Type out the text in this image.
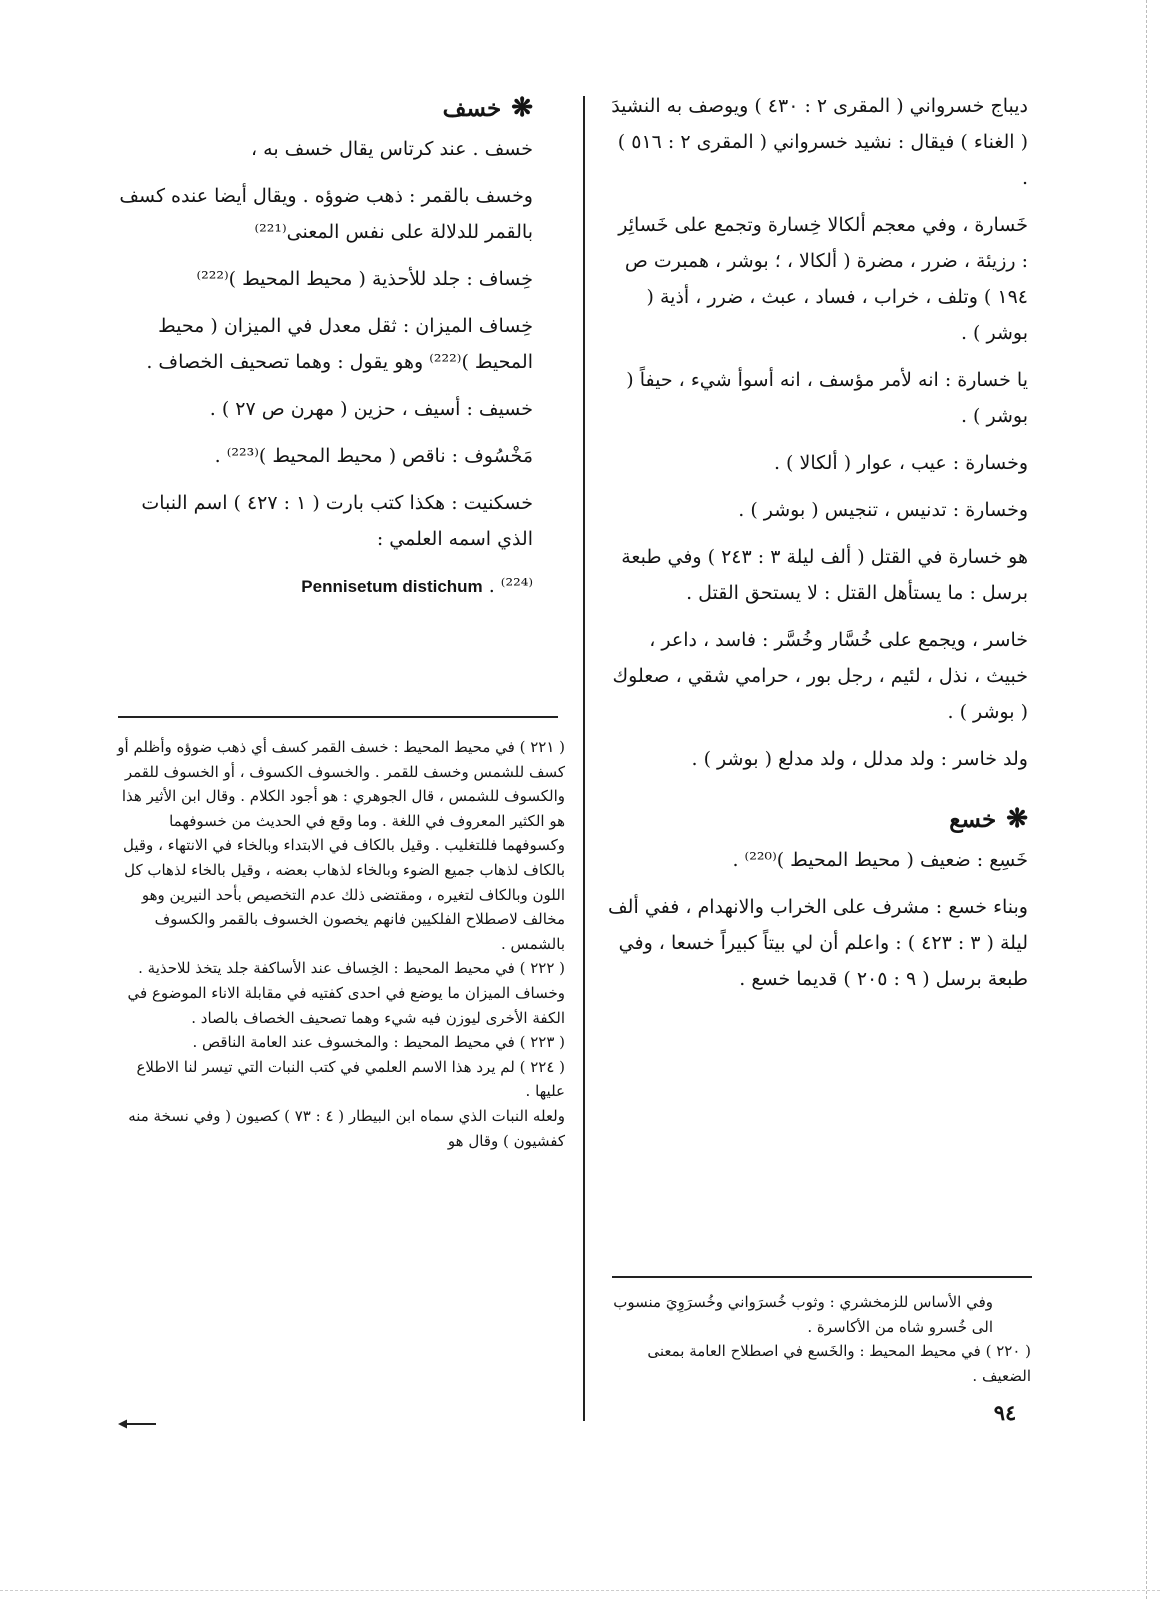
ديباج خسرواني ( المقرى ٢ : ٤٣٠ ) ويوصف به النشيدَ ( الغناء ) فيقال : نشيد خسرواني ( المقرى ٢ : ٥١٦ ) .

خَسارة ، وفي معجم ألكالا خِسارة وتجمع على خَسائِر : رزيئة ، ضرر ، مضرة ( ألكالا ، ؛ بوشر ، همبرت ص ١٩٤ ) وتلف ، خراب ، فساد ، عبث ، ضرر ، أذية ( بوشر ) .

يا خسارة : انه لأمر مؤسف ، انه أسوأ شيء ، حيفاً ( بوشر ) .

وخسارة : عيب ، عوار ( ألكالا ) .

وخسارة : تدنيس ، تنجيس ( بوشر ) .

هو خسارة في القتل ( ألف ليلة ٣ : ٢٤٣ ) وفي طبعة برسل : ما يستأهل القتل : لا يستحق القتل .

خاسر ، ويجمع على خُسَّار وخُسَّر : فاسد ، داعر ، خبيث ، نذل ، لئيم ، رجل بور ، حرامي شقي ، صعلوك ( بوشر ) .

ولد خاسر : ولد مدلل ، ولد مدلع ( بوشر ) .

❋خسع

خَسِع : ضعيف ( محيط المحيط )⁽²²⁰⁾ .

وبناء خسع : مشرف على الخراب والانهدام ، ففي ألف ليلة ( ٣ : ٤٢٣ ) : واعلم أن لي بيتاً كبيراً خسعا ، وفي طبعة برسل ( ٩ : ٢٠٥ ) قديما خسع .

❋خسف

خسف . عند كرتاس يقال خسف به ،

وخسف بالقمر : ذهب ضوؤه . ويقال أيضا عنده كسف بالقمر للدلالة على نفس المعنى⁽²²¹⁾

خِساف : جلد للأحذية ( محيط المحيط )⁽²²²⁾

خِساف الميزان : ثقل معدل في الميزان ( محيط المحيط )⁽²²²⁾ وهو يقول : وهما تصحيف الخصاف .

خسيف : أسيف ، حزين ( مهرن ص ٢٧ ) .

مَخْسُوف : ناقص ( محيط المحيط )⁽²²³⁾ .

خسكنيت : هكذا كتب بارت ( ١ : ٤٢٧ ) اسم النبات الذي اسمه العلمي :

⁽²²⁴⁾ . Pennisetum distichum

( ٢٢١ ) في محيط المحيط : خسف القمر كسف أي ذهب ضوؤه وأظلم أو كسف للشمس وخسف للقمر . والخسوف الكسوف ، أو الخسوف للقمر والكسوف للشمس ، قال الجوهري : هو أجود الكلام . وقال ابن الأثير هذا هو الكثير المعروف في اللغة . وما وقع في الحديث من خسوفهما وكسوفهما فللتغليب . وقيل بالكاف في الابتداء وبالخاء في الانتهاء ، وقيل بالكاف لذهاب جميع الضوء وبالخاء لذهاب بعضه ، وقيل بالخاء لذهاب كل اللون وبالكاف لتغيره ، ومقتضى ذلك عدم التخصيص بأحد النيرين وهو مخالف لاصطلاح الفلكيين فانهم يخصون الخسوف بالقمر والكسوف بالشمس .

( ٢٢٢ ) في محيط المحيط : الخِساف عند الأساكفة جلد يتخذ للاحذية . وخساف الميزان ما يوضع في احدى كفتيه في مقابلة الاناء الموضوع في الكفة الأخرى ليوزن فيه شيء وهما تصحيف الخصاف بالصاد .

( ٢٢٣ ) في محيط المحيط : والمخسوف عند العامة الناقص .

( ٢٢٤ ) لم يرد هذا الاسم العلمي في كتب النبات التي تيسر لنا الاطلاع عليها .

ولعله النبات الذي سماه ابن البيطار ( ٤ : ٧٣ ) كصيون ( وفي نسخة منه كفشيون ) وقال هو

وفي الأساس للزمخشري : وثوب خُسرَواني وخُسرَوِيَ منسوب الى خُسرو شاه من الأكاسرة .

( ٢٢٠ ) في محيط المحيط : والخَسع في اصطلاح العامة بمعنى الضعيف .

٩٤
